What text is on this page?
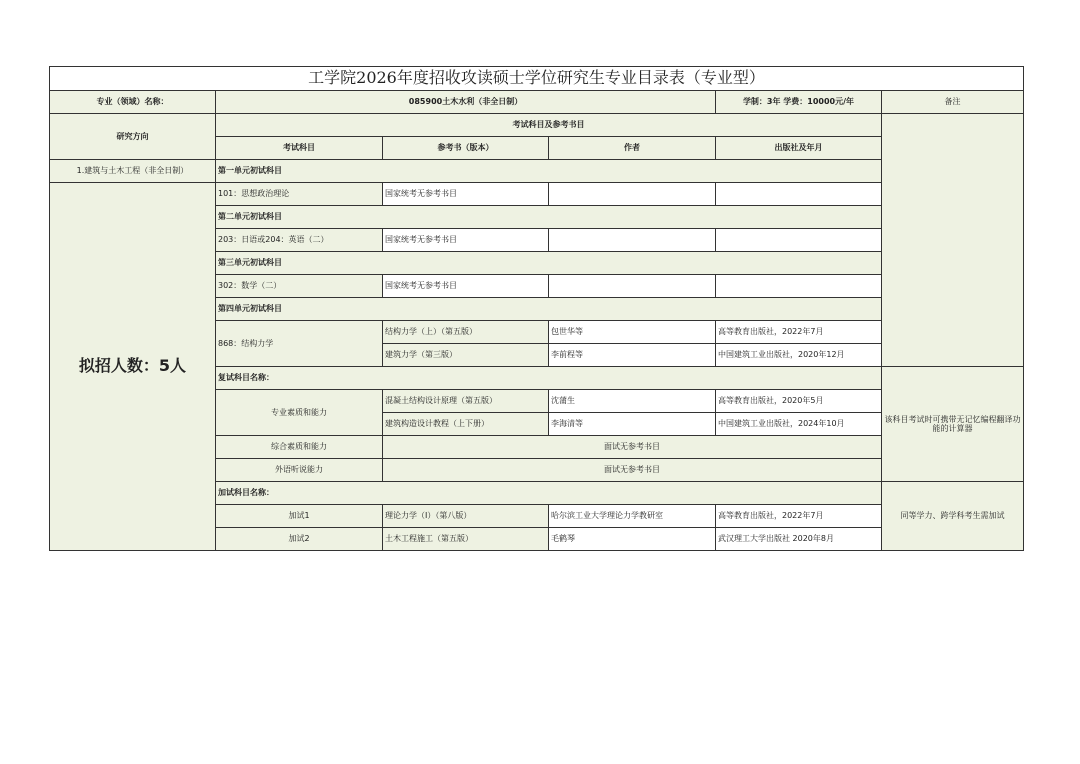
工学院2026年度招收攻读硕士学位研究生专业目录表（专业型）					
专业（领域）名称：	085900土木水利（非全日制）			学制：3年 学费：10000元/年	备注
研究方向	考试科目及参考书目				
	考试科目	参考书（版本）	作者	出版社及年月	
1.建筑与土木工程（非全日制）	第一单元初试科目				
拟招人数：5人	101：思想政治理论	国家统考无参考书目			
	第二单元初试科目				
	203：日语或204：英语（二）	国家统考无参考书目			
	第三单元初试科目				
	302：数学（二）	国家统考无参考书目			
	第四单元初试科目				
	868：结构力学	结构力学（上）（第五版）	包世华等	高等教育出版社，2022年7月	
		建筑力学（第三版）	李前程等	中国建筑工业出版社，2020年12月	
	复试科目名称：				该科目考试时可携带无记忆编程翻译功能的计算器
	专业素质和能力	混凝土结构设计原理（第五版）	沈蒲生	高等教育出版社，2020年5月	
		建筑构造设计教程（上下册）	李海清等	中国建筑工业出版社，2024年10月	
	综合素质和能力	面试无参考书目			
	外语听说能力	面试无参考书目			
	加试科目名称：				同等学力、跨学科考生需加试
	加试1	理论力学（I）（第八版）	哈尔滨工业大学理论力学教研室	高等教育出版社，2022年7月	
	加试2	土木工程施工（第五版）	毛鹤琴	武汉理工大学出版社 2020年8月	
